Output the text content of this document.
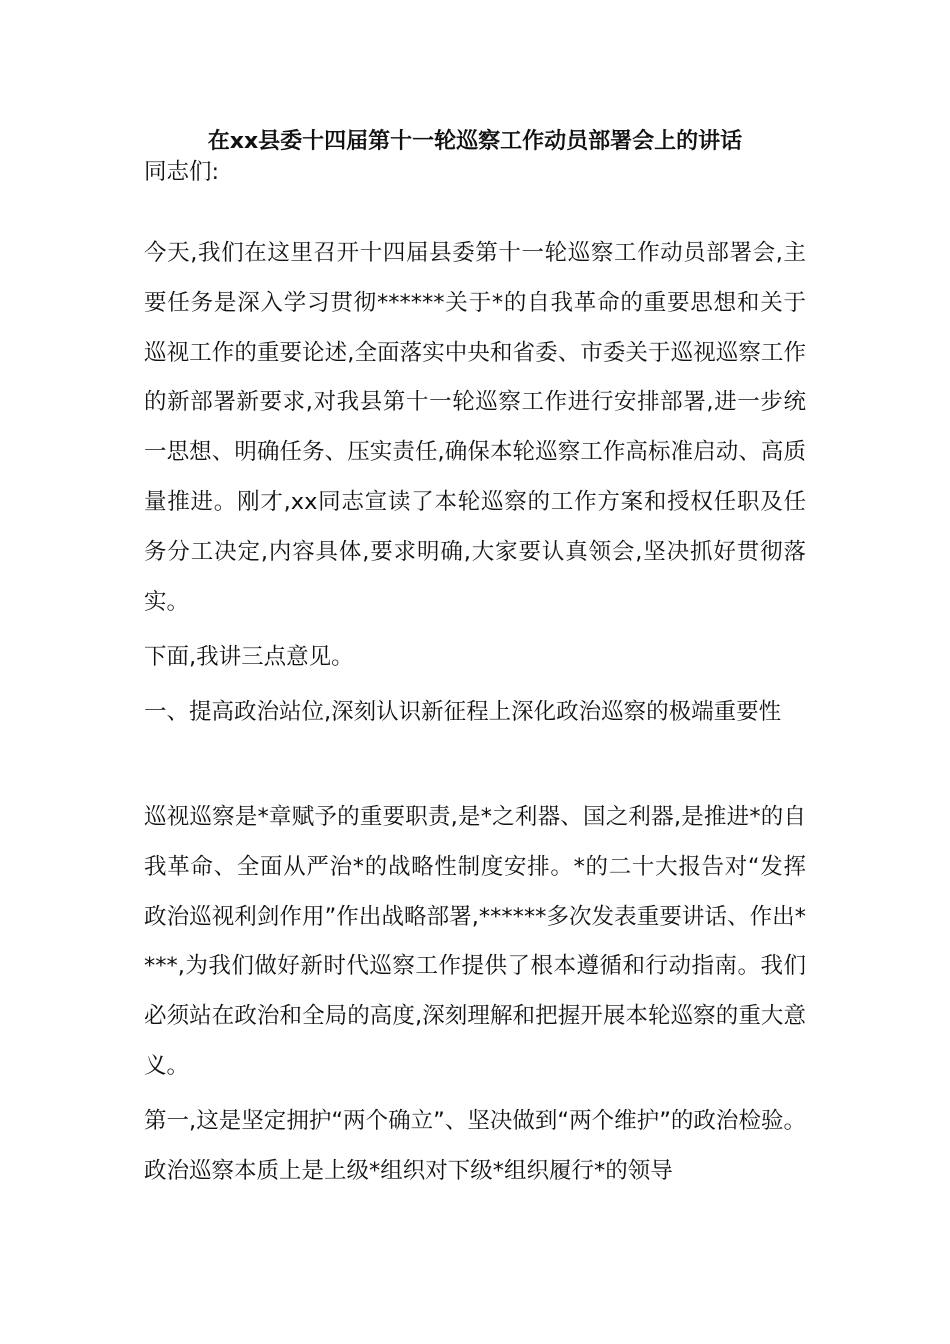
在xx县委十四届第十一轮巡察工作动员部署会上的讲话

同志们:

今天,我们在这里召开十四届县委第十一轮巡察工作动员部署会,主要任务是深入学习贯彻******关于*的自我革命的重要思想和关于巡视工作的重要论述,全面落实中央和省委、市委关于巡视巡察工作的新部署新要求,对我县第十一轮巡察工作进行安排部署,进一步统一思想、明确任务、压实责任,确保本轮巡察工作高标准启动、高质量推进。刚才,xx同志宣读了本轮巡察的工作方案和授权任职及任务分工决定,内容具体,要求明确,大家要认真领会,坚决抓好贯彻落实。

下面,我讲三点意见。

一、提高政治站位,深刻认识新征程上深化政治巡察的极端重要性

巡视巡察是*章赋予的重要职责,是*之利器、国之利器,是推进*的自我革命、全面从严治*的战略性制度安排。*的二十大报告对“发挥政治巡视利剑作用”作出战略部署,******多次发表重要讲话、作出****,为我们做好新时代巡察工作提供了根本遵循和行动指南。我们必须站在政治和全局的高度,深刻理解和把握开展本轮巡察的重大意义。

第一,这是坚定拥护“两个确立”、坚决做到“两个维护”的政治检验。政治巡察本质上是上级*组织对下级*组织履行*的领导
